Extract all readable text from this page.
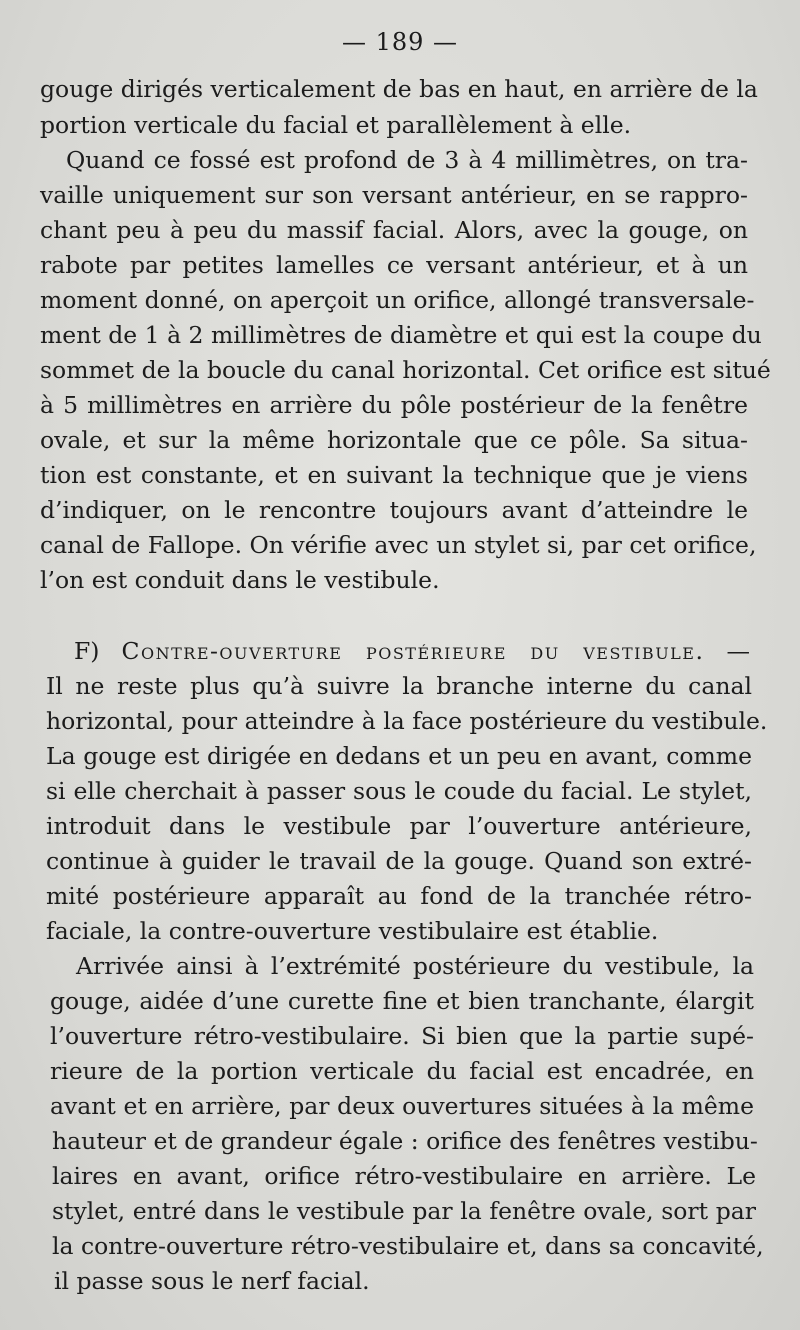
— 189 —
gouge dirigés verticalement de bas en haut, en arrière de la
portion verticale du facial et parallèlement à elle.
Quand ce fossé est profond de 3 à 4 millimètres, on tra-
vaille uniquement sur son versant antérieur, en se rappro-
chant peu à peu du massif facial. Alors, avec la gouge, on
rabote par petites lamelles ce versant antérieur, et à un
moment donné, on aperçoit un orifice, allongé transversale-
ment de 1 à 2 millimètres de diamètre et qui est la coupe du
sommet de la boucle du canal horizontal. Cet orifice est situé
à 5 millimètres en arrière du pôle postérieur de la fenêtre
ovale, et sur la même horizontale que ce pôle. Sa situa-
tion est constante, et en suivant la technique que je viens
d’indiquer, on le rencontre toujours avant d’atteindre le
canal de Fallope. On vérifie avec un stylet si, par cet orifice,
l’on est conduit dans le vestibule.
F) Contre-ouverture postérieure du vestibule. —
Il ne reste plus qu’à suivre la branche interne du canal
horizontal, pour atteindre à la face postérieure du vestibule.
La gouge est dirigée en dedans et un peu en avant, comme
si elle cherchait à passer sous le coude du facial. Le stylet,
introduit dans le vestibule par l’ouverture antérieure,
continue à guider le travail de la gouge. Quand son extré-
mité postérieure apparaît au fond de la tranchée rétro-
faciale, la contre-ouverture vestibulaire est établie.
Arrivée ainsi à l’extrémité postérieure du vestibule, la
gouge, aidée d’une curette fine et bien tranchante, élargit
l’ouverture rétro-vestibulaire. Si bien que la partie supé-
rieure de la portion verticale du facial est encadrée, en
avant et en arrière, par deux ouvertures situées à la même
hauteur et de grandeur égale : orifice des fenêtres vestibu-
laires en avant, orifice rétro-vestibulaire en arrière. Le
stylet, entré dans le vestibule par la fenêtre ovale, sort par
la contre-ouverture rétro-vestibulaire et, dans sa concavité,
il passe sous le nerf facial.
